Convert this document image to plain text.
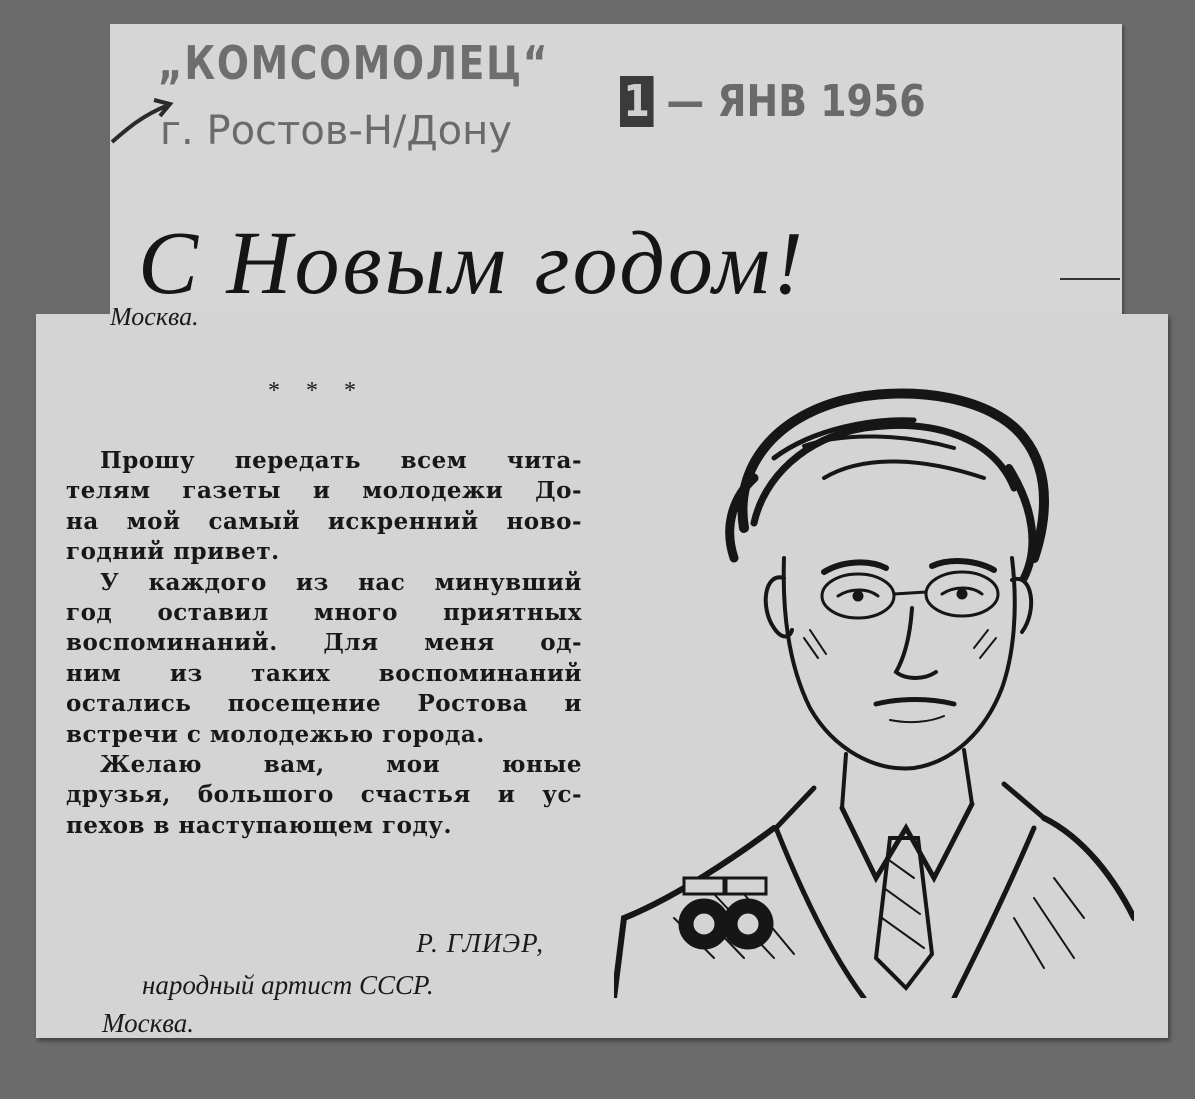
„КОМСОМОЛЕЦ“
г. Ростов-Н/Дону
1 — ЯНВ 1956
С Новым годом!
Москва.
* * *
Прошу передать всем чита-
телям газеты и молодежи До-
на мой самый искренний ново-
годний привет.
У каждого из нас минувший
год оставил много приятных
воспоминаний. Для меня од-
ним из таких воспоминаний
остались посещение Ростова и
встречи с молодежью города.
Желаю вам, мои юные
друзья, большого счастья и ус-
пехов в наступающем году.
Р. ГЛИЭР,
народный артист СССР.
Москва.
